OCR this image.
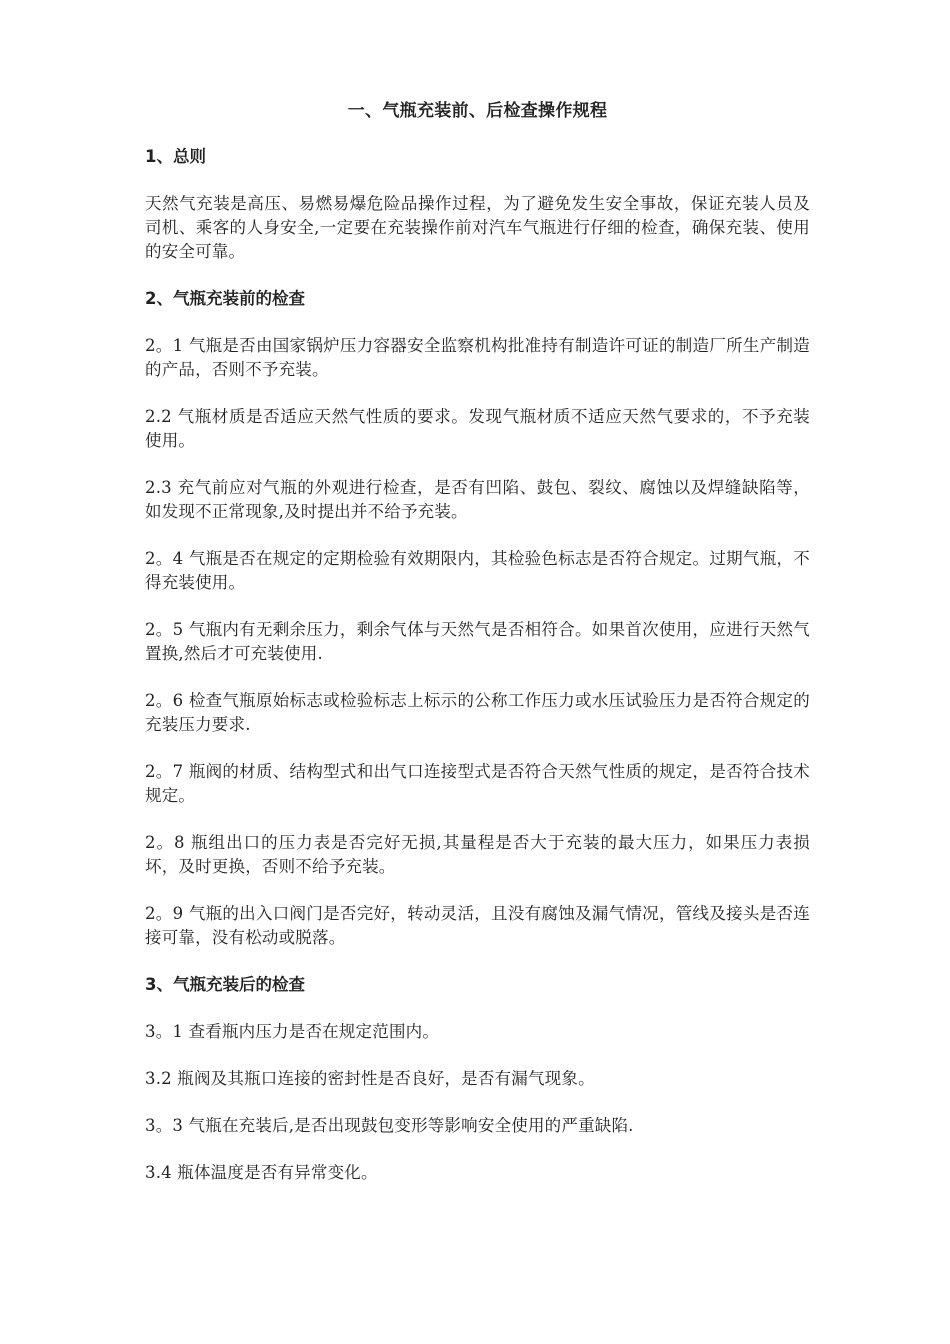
一、气瓶充装前、后检查操作规程
1、总则

天然气充装是高压、易燃易爆危险品操作过程，为了避免发生安全事故，保证充装人员及司机、乘客的人身安全,一定要在充装操作前对汽车气瓶进行仔细的检查，确保充装、使用的安全可靠。

2、气瓶充装前的检查

2。1 气瓶是否由国家锅炉压力容器安全监察机构批准持有制造许可证的制造厂所生产制造的产品，否则不予充装。

2.2 气瓶材质是否适应天然气性质的要求。发现气瓶材质不适应天然气要求的，不予充装使用。

2.3 充气前应对气瓶的外观进行检查，是否有凹陷、鼓包、裂纹、腐蚀以及焊缝缺陷等，如发现不正常现象,及时提出并不给予充装。

2。4 气瓶是否在规定的定期检验有效期限内，其检验色标志是否符合规定。过期气瓶，不得充装使用。

2。5 气瓶内有无剩余压力，剩余气体与天然气是否相符合。如果首次使用，应进行天然气置换,然后才可充装使用.

2。6 检查气瓶原始标志或检验标志上标示的公称工作压力或水压试验压力是否符合规定的充装压力要求.

2。7 瓶阀的材质、结构型式和出气口连接型式是否符合天然气性质的规定，是否符合技术规定。

2。8 瓶组出口的压力表是否完好无损,其量程是否大于充装的最大压力，如果压力表损坏，及时更换，否则不给予充装。

2。9 气瓶的出入口阀门是否完好，转动灵活，且没有腐蚀及漏气情况，管线及接头是否连接可靠，没有松动或脱落。

3、气瓶充装后的检查

3。1 查看瓶内压力是否在规定范围内。

3.2 瓶阀及其瓶口连接的密封性是否良好，是否有漏气现象。

3。3 气瓶在充装后,是否出现鼓包变形等影响安全使用的严重缺陷.

3.4 瓶体温度是否有异常变化。
